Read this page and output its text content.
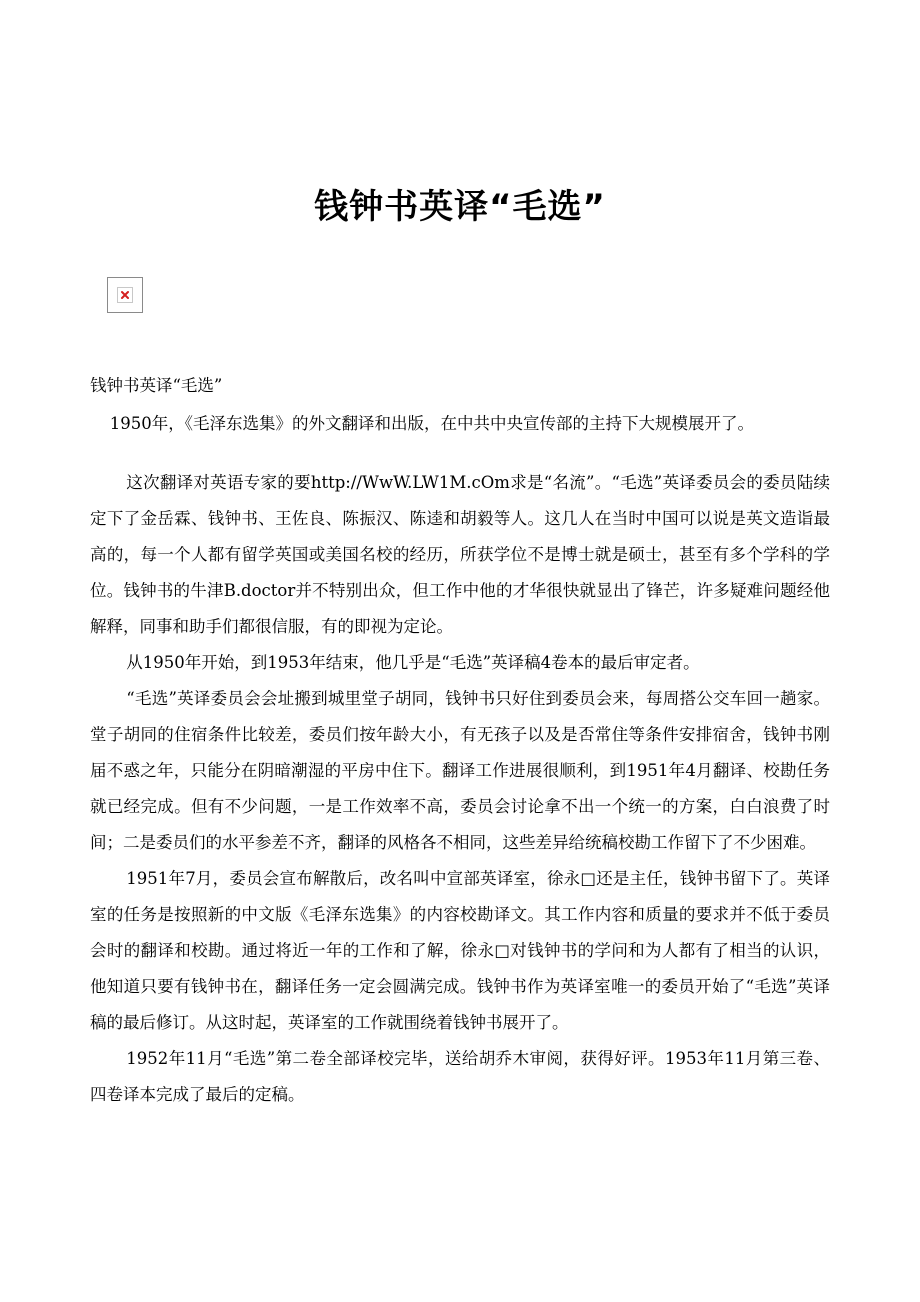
钱钟书英译“毛选”

钱钟书英译“毛选”

1950年，《毛泽东选集》的外文翻译和出版，在中共中央宣传部的主持下大规模展开了。

这次翻译对英语专家的要http://WwW.LW1M.cOm求是“名流”。“毛选”英译委员会的委员陆续定下了金岳霖、钱钟书、王佐良、陈振汉、陈逵和胡毅等人。这几人在当时中国可以说是英文造诣最高的，每一个人都有留学英国或美国名校的经历，所获学位不是博士就是硕士，甚至有多个学科的学位。钱钟书的牛津B.doctor并不特别出众，但工作中他的才华很快就显出了锋芒，许多疑难问题经他解释，同事和助手们都很信服，有的即视为定论。

从1950年开始，到1953年结束，他几乎是“毛选”英译稿4卷本的最后审定者。

“毛选”英译委员会会址搬到城里堂子胡同，钱钟书只好住到委员会来，每周搭公交车回一趟家。堂子胡同的住宿条件比较差，委员们按年龄大小，有无孩子以及是否常住等条件安排宿舍，钱钟书刚届不惑之年，只能分在阴暗潮湿的平房中住下。翻译工作进展很顺利，到1951年4月翻译、校勘任务就已经完成。但有不少问题，一是工作效率不高，委员会讨论拿不出一个统一的方案，白白浪费了时间；二是委员们的水平参差不齐，翻译的风格各不相同，这些差异给统稿校勘工作留下了不少困难。

1951年7月，委员会宣布解散后，改名叫中宣部英译室，徐永□还是主任，钱钟书留下了。英译室的任务是按照新的中文版《毛泽东选集》的内容校勘译文。其工作内容和质量的要求并不低于委员会时的翻译和校勘。通过将近一年的工作和了解，徐永□对钱钟书的学问和为人都有了相当的认识，他知道只要有钱钟书在，翻译任务一定会圆满完成。钱钟书作为英译室唯一的委员开始了“毛选”英译稿的最后修订。从这时起，英译室的工作就围绕着钱钟书展开了。

1952年11月“毛选”第二卷全部译校完毕，送给胡乔木审阅，获得好评。1953年11月第三卷、四卷译本完成了最后的定稿。
